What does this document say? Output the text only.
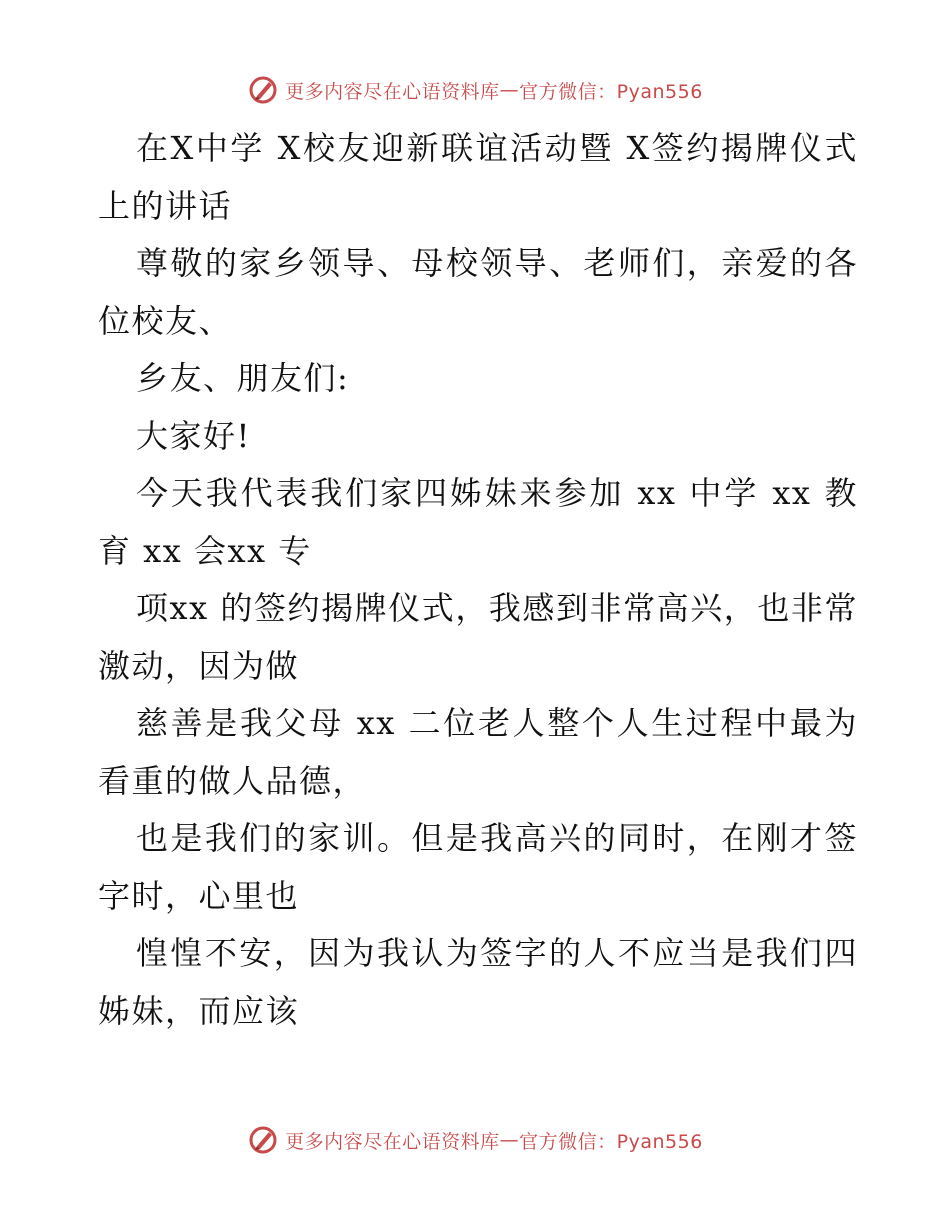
更多内容尽在心语资料库 — 官方微信：Pyan556

在X中学 X校友迎新联谊活动暨 X签约揭牌仪式上的讲话

尊敬的家乡领导、母校领导、老师们，亲爱的各位校友、

乡友、朋友们:

大家好!

今天我代表我们家四姊妹来参加 xx 中学 xx 教育 xx 会xx 专

项xx 的签约揭牌仪式，我感到非常高兴，也非常激动，因为做

慈善是我父母 xx 二位老人整个人生过程中最为看重的做人品德，

也是我们的家训。但是我高兴的同时，在刚才签字时，心里也

惶惶不安，因为我认为签字的人不应当是我们四姊妹，而应该

更多内容尽在心语资料库 — 官方微信：Pyan556
